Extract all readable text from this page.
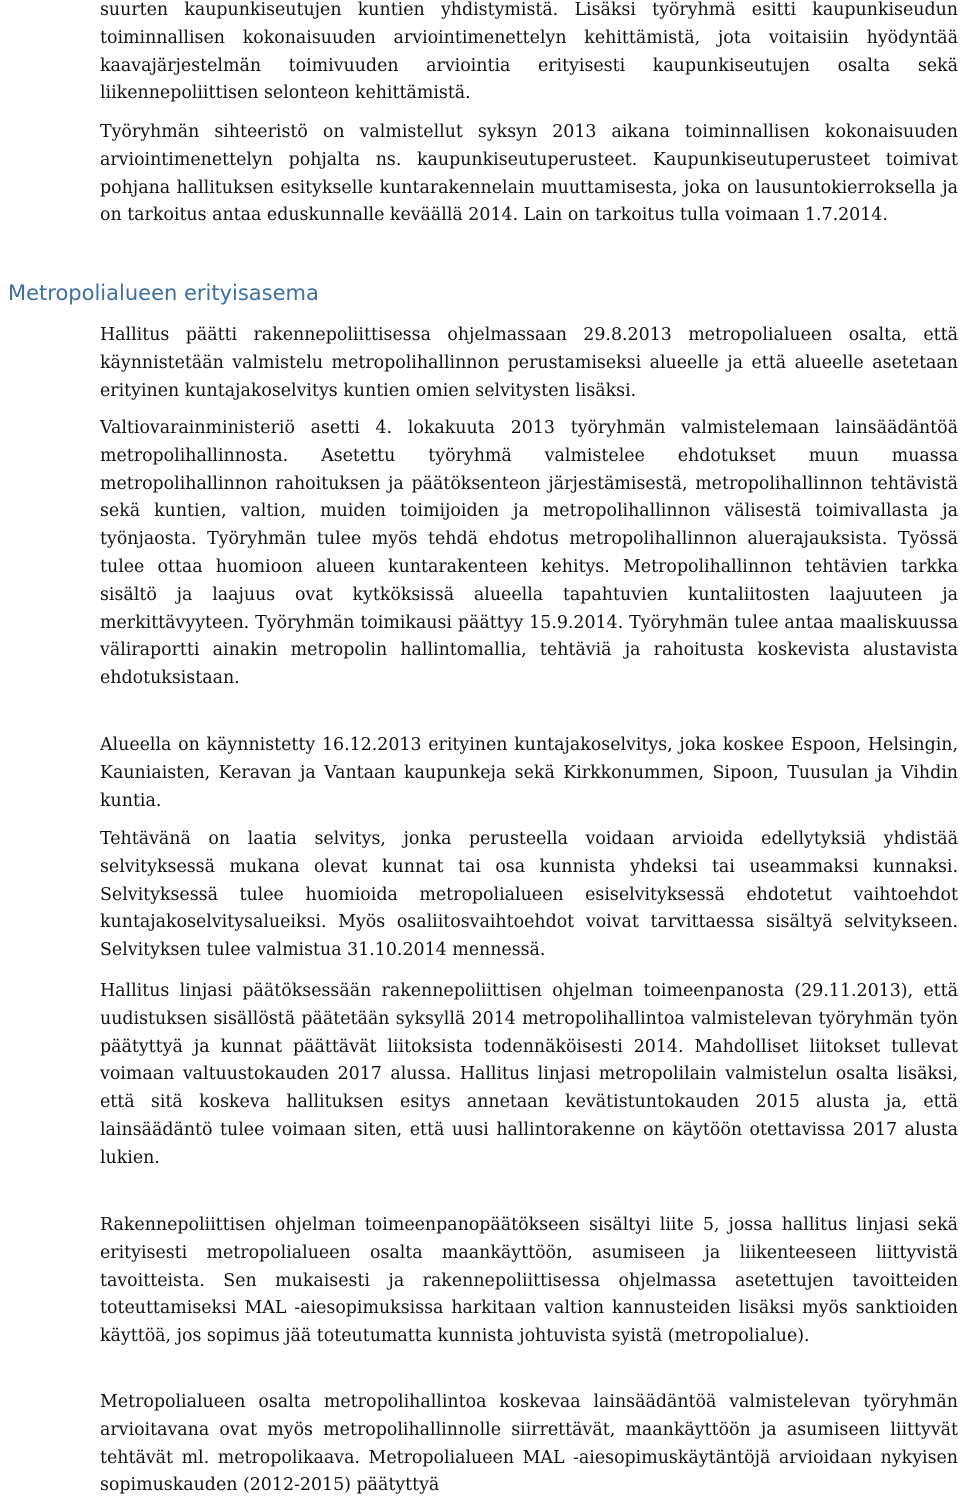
suurten kaupunkiseutujen kuntien yhdistymistä. Lisäksi työryhmä esitti kaupunkiseudun toiminnallisen kokonaisuuden arviointimenettelyn kehittämistä, jota voitaisiin hyödyntää kaavajärjestelmän toimivuuden arviointia erityisesti kaupunkiseutujen osalta sekä liikennepoliittisen selonteon kehittämistä.

Työryhmän sihteeristö on valmistellut syksyn 2013 aikana toiminnallisen kokonaisuuden arviointimenettelyn pohjalta ns. kaupunkiseutuperusteet. Kaupunkiseutuperusteet toimivat pohjana hallituksen esitykselle kuntarakennelain muuttamisesta, joka on lausuntokierroksella ja on tarkoitus antaa eduskunnalle keväällä 2014. Lain on tarkoitus tulla voimaan 1.7.2014.

Metropolialueen erityisasema

Hallitus päätti rakennepoliittisessa ohjelmassaan 29.8.2013 metropolialueen osalta, että käynnistetään valmistelu metropolihallinnon perustamiseksi alueelle ja että alueelle asetetaan erityinen kuntajakoselvitys kuntien omien selvitysten lisäksi.

Valtiovarainministeriö asetti 4. lokakuuta 2013 työryhmän valmistelemaan lainsäädäntöä metropolihallinnosta. Asetettu työryhmä valmistelee ehdotukset muun muassa metropolihallinnon rahoituksen ja päätöksenteon järjestämisestä, metropolihallinnon tehtävistä sekä kuntien, valtion, muiden toimijoiden ja metropolihallinnon välisestä toimivallasta ja työnjaosta. Työryhmän tulee myös tehdä ehdotus metropolihallinnon aluerajauksista. Työssä tulee ottaa huomioon alueen kuntarakenteen kehitys. Metropolihallinnon tehtävien tarkka sisältö ja laajuus ovat kytköksissä alueella tapahtuvien kuntaliitosten laajuuteen ja merkittävyyteen. Työryhmän toimikausi päättyy 15.9.2014. Työryhmän tulee antaa maaliskuussa väliraportti ainakin metropolin hallintomallia, tehtäviä ja rahoitusta koskevista alustavista ehdotuksistaan.

Alueella on käynnistetty 16.12.2013 erityinen kuntajakoselvitys, joka koskee Espoon, Helsingin, Kauniaisten, Keravan ja Vantaan kaupunkeja sekä Kirkkonummen, Sipoon, Tuusulan ja Vihdin kuntia.

Tehtävänä on laatia selvitys, jonka perusteella voidaan arvioida edellytyksiä yhdistää selvityksessä mukana olevat kunnat tai osa kunnista yhdeksi tai useammaksi kunnaksi. Selvityksessä tulee huomioida metropolialueen esiselvityksessä ehdotetut vaihtoehdot kuntajakoselvitysalueiksi. Myös osaliitosvaihtoehdot voivat tarvittaessa sisältyä selvitykseen. Selvityksen tulee valmistua 31.10.2014 mennessä.

Hallitus linjasi päätöksessään rakennepoliittisen ohjelman toimeenpanosta (29.11.2013), että uudistuksen sisällöstä päätetään syksyllä 2014 metropolihallintoa valmistelevan työryhmän työn päätyttyä ja kunnat päättävät liitoksista todennäköisesti 2014. Mahdolliset liitokset tullevat voimaan valtuustokauden 2017 alussa. Hallitus linjasi metropolilain valmistelun osalta lisäksi, että sitä koskeva hallituksen esitys annetaan kevätistuntokauden 2015 alusta ja, että lainsäädäntö tulee voimaan siten, että uusi hallintorakenne on käytöön otettavissa 2017 alusta lukien.

Rakennepoliittisen ohjelman toimeenpanopäätökseen sisältyi liite 5, jossa hallitus linjasi sekä erityisesti metropolialueen osalta maankäyttöön, asumiseen ja liikenteeseen liittyvistä tavoitteista. Sen mukaisesti ja rakennepoliittisessa ohjelmassa asetettujen tavoitteiden toteuttamiseksi MAL -aiesopimuksissa harkitaan valtion kannusteiden lisäksi myös sanktioiden käyttöä, jos sopimus jää toteutumatta kunnista johtuvista syistä (metropolialue).

Metropolialueen osalta metropolihallintoa koskevaa lainsäädäntöä valmistelevan työryhmän arvioitavana ovat myös metropolihallinnolle siirrettävät, maankäyttöön ja asumiseen liittyvät tehtävät ml. metropolikaava. Metropolialueen MAL -aiesopimuskäytäntöjä arvioidaan nykyisen sopimuskauden (2012-2015) päätyttyä
